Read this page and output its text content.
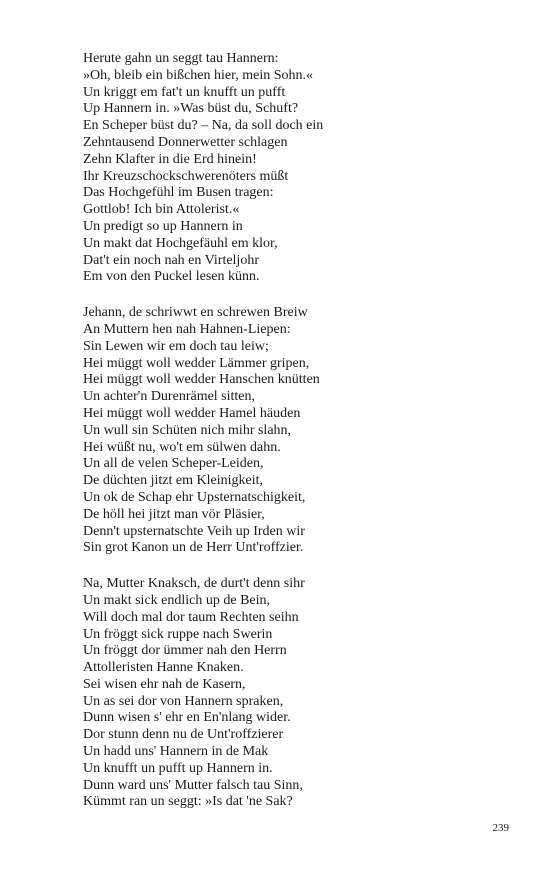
Herute gahn un seggt tau Hannern:
»Oh, bleib ein bißchen hier, mein Sohn.«
Un kriggt em fat't un knufft un pufft
Up Hannern in. »Was büst du, Schuft?
En Scheper büst du? – Na, da soll doch ein
Zehntausend Donnerwetter schlagen
Zehn Klafter in die Erd hinein!
Ihr Kreuzschockschwerenöters müßt
Das Hochgefühl im Busen tragen:
Gottlob! Ich bin Attolerist.«
Un predigt so up Hannern in
Un makt dat Hochgefäuhl em klor,
Dat't ein noch nah en Virteljohr
Em von den Puckel lesen künn.
Jehann, de schriwwt en schrewen Breiw
An Muttern hen nah Hahnen-Liepen:
Sin Lewen wir em doch tau leiw;
Hei müggt woll wedder Lämmer gripen,
Hei müggt woll wedder Hanschen knütten
Un achter'n Durenrämel sitten,
Hei müggt woll wedder Hamel häuden
Un wull sin Schüten nich mihr slahn,
Hei wüßt nu, wo't em sülwen dahn.
Un all de velen Scheper-Leiden,
De düchten jitzt em Kleinigkeit,
Un ok de Schap ehr Upsternatschigkeit,
De höll hei jitzt man vör Pläsier,
Denn't upsternatschte Veih up Irden wir
Sin grot Kanon un de Herr Unt'roffzier.
Na, Mutter Knaksch, de durt't denn sihr
Un makt sick endlich up de Bein,
Will doch mal dor taum Rechten seihn
Un fröggt sick ruppe nach Swerin
Un fröggt dor ümmer nah den Herrn
Attolleristen Hanne Knaken.
Sei wisen ehr nah de Kasern,
Un as sei dor von Hannern spraken,
Dunn wisen s' ehr en En'nlang wider.
Dor stunn denn nu de Unt'roffzierer
Un hadd uns' Hannern in de Mak
Un knufft un pufft up Hannern in.
Dunn ward uns' Mutter falsch tau Sinn,
Kümmt ran un seggt: »Is dat 'ne Sak?
239
